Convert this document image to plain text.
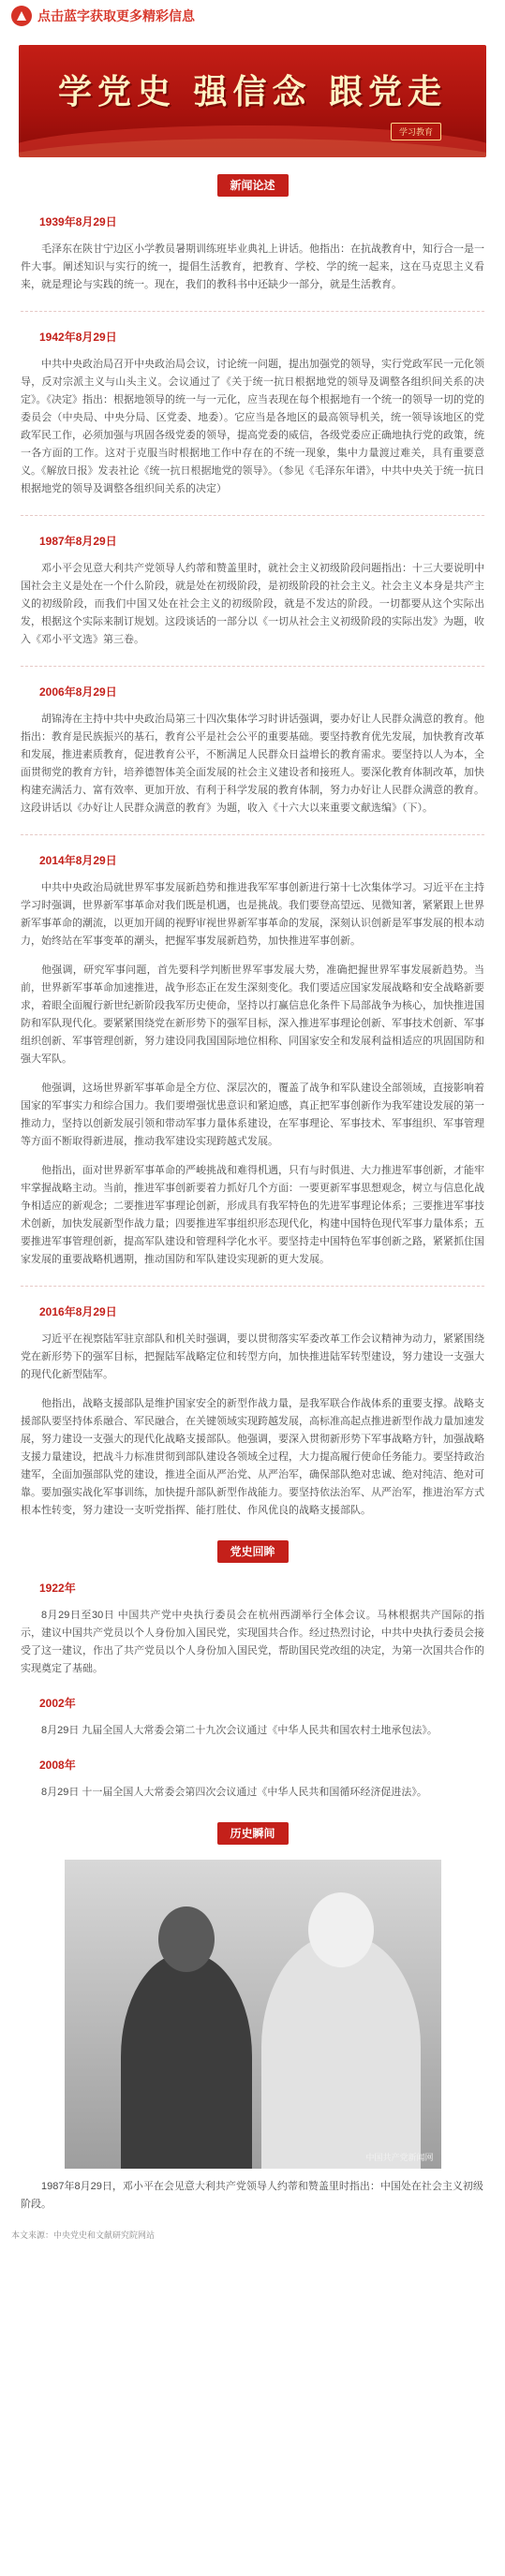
点击蓝字获取更多精彩信息
学党史 强信念 跟党走
学习教育
新闻论述
1939年8月29日
毛泽东在陕甘宁边区小学教员暑期训练班毕业典礼上讲话。他指出：在抗战教育中，知行合一是一件大事。阐述知识与实行的统一，提倡生活教育，把教育、学校、学的统一起来，这在马克思主义看来，就是理论与实践的统一。现在，我们的教科书中还缺少一部分，就是生活教育。
1942年8月29日
中共中央政治局召开中央政治局会议，讨论统一问题，提出加强党的领导，实行党政军民一元化领导，反对宗派主义与山头主义。会议通过了《关于统一抗日根据地党的领导及调整各组织间关系的决定》。《决定》指出：根据地领导的统一与一元化，应当表现在每个根据地有一个统一的领导一切的党的委员会（中央局、中央分局、区党委、地委）。它应当是各地区的最高领导机关，统一领导该地区的党政军民工作，必须加强与巩固各级党委的领导，提高党委的威信，各级党委应正确地执行党的政策，统一各方面的工作。这对于克服当时根据地工作中存在的不统一现象，集中力量渡过难关，具有重要意义。《解放日报》发表社论《统一抗日根据地党的领导》。（参见《毛泽东年谱》，中共中央关于统一抗日根据地党的领导及调整各组织间关系的决定）
1987年8月29日
邓小平会见意大利共产党领导人约蒂和赞盖里时，就社会主义初级阶段问题指出：十三大要说明中国社会主义是处在一个什么阶段，就是处在初级阶段，是初级阶段的社会主义。社会主义本身是共产主义的初级阶段，而我们中国又处在社会主义的初级阶段，就是不发达的阶段。一切都要从这个实际出发，根据这个实际来制订规划。这段谈话的一部分以《一切从社会主义初级阶段的实际出发》为题，收入《邓小平文选》第三卷。
2006年8月29日
胡锦涛在主持中共中央政治局第三十四次集体学习时讲话强调，要办好让人民群众满意的教育。他指出：教育是民族振兴的基石，教育公平是社会公平的重要基础。要坚持教育优先发展，加快教育改革和发展，推进素质教育，促进教育公平，不断满足人民群众日益增长的教育需求。要坚持以人为本，全面贯彻党的教育方针，培养德智体美全面发展的社会主义建设者和接班人。要深化教育体制改革，加快构建充满活力、富有效率、更加开放、有利于科学发展的教育体制，努力办好让人民群众满意的教育。这段讲话以《办好让人民群众满意的教育》为题，收入《十六大以来重要文献选编》（下）。
2014年8月29日
中共中央政治局就世界军事发展新趋势和推进我军军事创新进行第十七次集体学习。习近平在主持学习时强调，世界新军事革命对我们既是机遇，也是挑战。我们要登高望远、见微知著，紧紧跟上世界新军事革命的潮流，以更加开阔的视野审视世界新军事革命的发展，深刻认识创新是军事发展的根本动力，始终站在军事变革的潮头，把握军事发展新趋势，加快推进军事创新。
他强调，研究军事问题，首先要科学判断世界军事发展大势，准确把握世界军事发展新趋势。当前，世界新军事革命加速推进，战争形态正在发生深刻变化。我们要适应国家发展战略和安全战略新要求，着眼全面履行新世纪新阶段我军历史使命，坚持以打赢信息化条件下局部战争为核心，加快推进国防和军队现代化。要紧紧围绕党在新形势下的强军目标，深入推进军事理论创新、军事技术创新、军事组织创新、军事管理创新，努力建设同我国国际地位相称、同国家安全和发展利益相适应的巩固国防和强大军队。
他强调，这场世界新军事革命是全方位、深层次的，覆盖了战争和军队建设全部领域，直接影响着国家的军事实力和综合国力。我们要增强忧患意识和紧迫感，真正把军事创新作为我军建设发展的第一推动力，坚持以创新发展引领和带动军事力量体系建设，在军事理论、军事技术、军事组织、军事管理等方面不断取得新进展，推动我军建设实现跨越式发展。
他指出，面对世界新军事革命的严峻挑战和难得机遇，只有与时俱进、大力推进军事创新，才能牢牢掌握战略主动。当前，推进军事创新要着力抓好几个方面：一要更新军事思想观念，树立与信息化战争相适应的新观念；二要推进军事理论创新，形成具有我军特色的先进军事理论体系；三要推进军事技术创新，加快发展新型作战力量；四要推进军事组织形态现代化，构建中国特色现代军事力量体系；五要推进军事管理创新，提高军队建设和管理科学化水平。要坚持走中国特色军事创新之路，紧紧抓住国家发展的重要战略机遇期，推动国防和军队建设实现新的更大发展。
2016年8月29日
习近平在视察陆军驻京部队和机关时强调，要以贯彻落实军委改革工作会议精神为动力，紧紧围绕党在新形势下的强军目标，把握陆军战略定位和转型方向，加快推进陆军转型建设，努力建设一支强大的现代化新型陆军。
他指出，战略支援部队是维护国家安全的新型作战力量，是我军联合作战体系的重要支撑。战略支援部队要坚持体系融合、军民融合，在关键领域实现跨越发展，高标准高起点推进新型作战力量加速发展，努力建设一支强大的现代化战略支援部队。他强调，要深入贯彻新形势下军事战略方针，加强战略支援力量建设，把战斗力标准贯彻到部队建设各领域全过程，大力提高履行使命任务能力。要坚持政治建军，全面加强部队党的建设，推进全面从严治党、从严治军，确保部队绝对忠诚、绝对纯洁、绝对可靠。要加强实战化军事训练，加快提升部队新型作战能力。要坚持依法治军、从严治军，推进治军方式根本性转变，努力建设一支听党指挥、能打胜仗、作风优良的战略支援部队。
党史回眸
1922年
8月29日至30日 中国共产党中央执行委员会在杭州西湖举行全体会议。马林根据共产国际的指示，建议中国共产党员以个人身份加入国民党，实现国共合作。经过热烈讨论，中共中央执行委员会接受了这一建议，作出了共产党员以个人身份加入国民党，帮助国民党改组的决定，为第一次国共合作的实现奠定了基础。
2002年
8月29日 九届全国人大常委会第二十九次会议通过《中华人民共和国农村土地承包法》。
2008年
8月29日 十一届全国人大常委会第四次会议通过《中华人民共和国循环经济促进法》。
历史瞬间
中国共产党新闻网
1987年8月29日，邓小平在会见意大利共产党领导人约蒂和赞盖里时指出：中国处在社会主义初级阶段。
本文来源：中央党史和文献研究院网站
